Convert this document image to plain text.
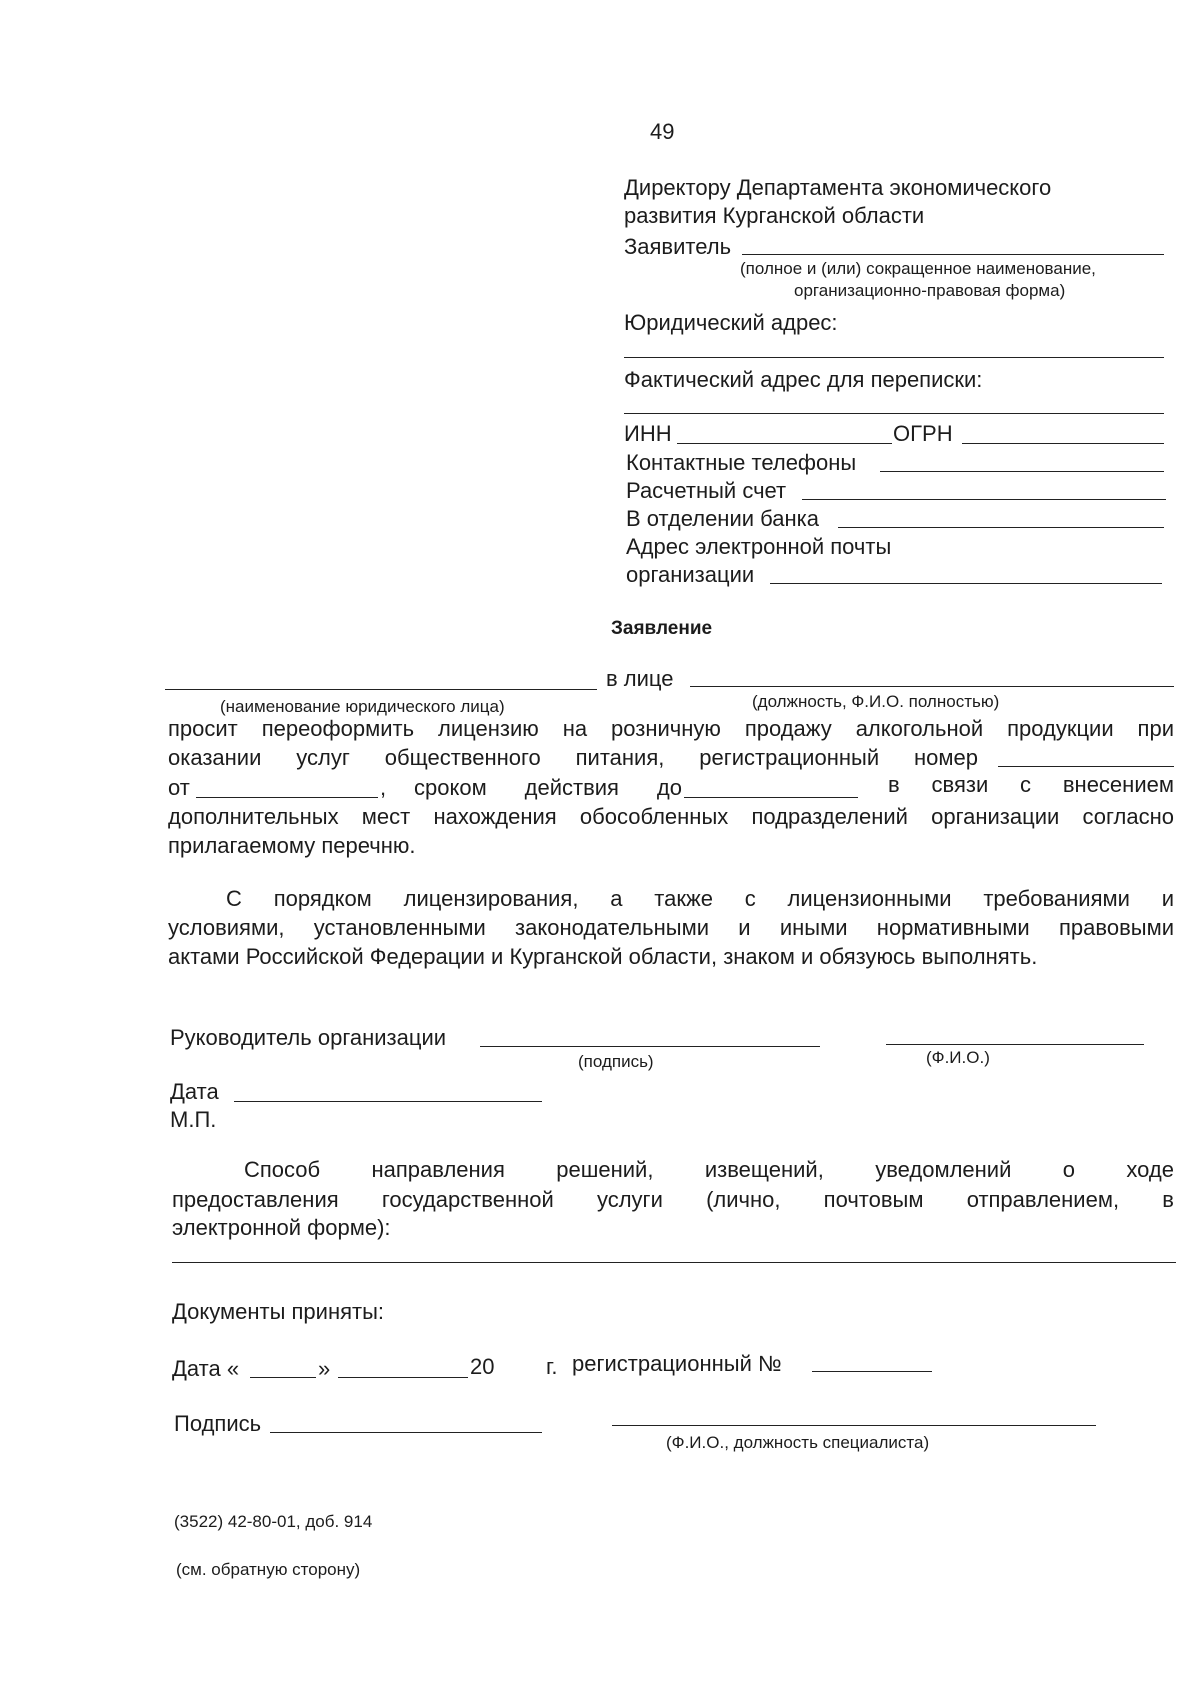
49
Директору Департамента экономического
развития Курганской области
Заявитель
(полное и (или) сокращенное наименование,
организационно-правовая форма)
Юридический адрес:
Фактический адрес для переписки:
ИНН	ОГРН
Контактные телефоны
Расчетный счет
В отделении банка
Адрес электронной почты
организации
Заявление
в лице
(наименование юридического лица)	(должность, Ф.И.О. полностью)
просит переоформить лицензию на розничную продажу алкогольной продукции при
оказании услуг общественного питания, регистрационный номер
от	, сроком действия до	в связи с внесением
дополнительных мест нахождения обособленных подразделений организации согласно
прилагаемому перечню.
С порядком лицензирования, а также с лицензионными требованиями и
условиями, установленными законодательными и иными нормативными правовыми
актами Российской Федерации и Курганской области, знаком и обязуюсь выполнять.
Руководитель организации
(подпись)	(Ф.И.О.)
Дата
М.П.
Способ направления решений, извещений, уведомлений о ходе
предоставления государственной услуги (лично, почтовым отправлением, в
электронной форме):
Документы приняты:
Дата «	»	20 г. регистрационный №
Подпись
(Ф.И.О., должность специалиста)
(3522) 42-80-01, доб. 914
(см. обратную сторону)
